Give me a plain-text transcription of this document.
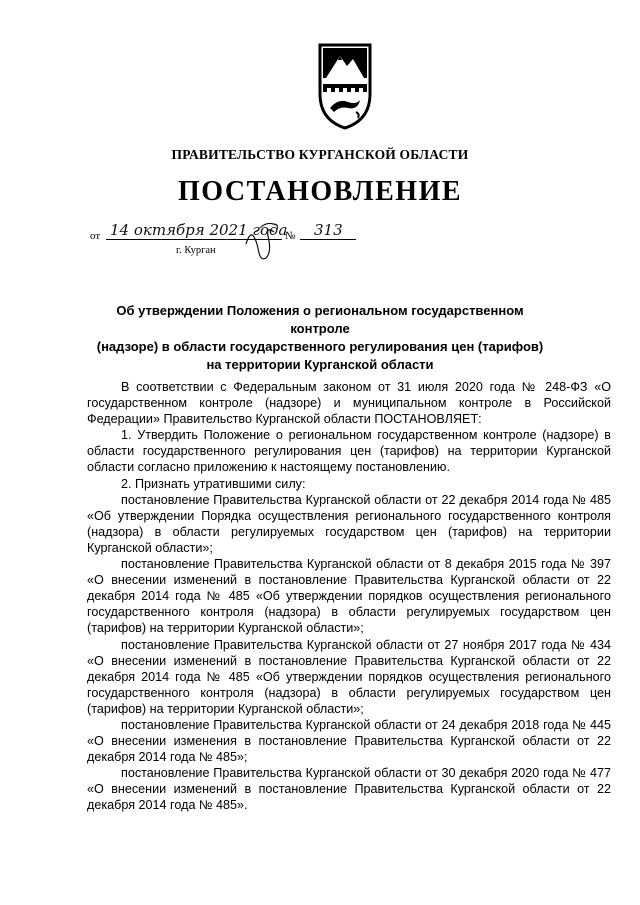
ПРАВИТЕЛЬСТВО КУРГАНСКОЙ ОБЛАСТИ
ПОСТАНОВЛЕНИЕ
от 14 октября 2021 года
№ 313
г. Курган
Об утверждении Положения о региональном государственном контроле
(надзоре) в области государственного регулирования цен (тарифов)
на территории Курганской области

В соответствии с Федеральным законом от 31 июля 2020 года № 248-ФЗ «О государственном контроле (надзоре) и муниципальном контроле в Российской Федерации» Правительство Курганской области ПОСТАНОВЛЯЕТ:

1. Утвердить Положение о региональном государственном контроле (надзоре) в области государственного регулирования цен (тарифов) на территории Курганской области согласно приложению к настоящему постановлению.

2. Признать утратившими силу:

постановление Правительства Курганской области от 22 декабря 2014 года № 485 «Об утверждении Порядка осуществления регионального государственного контроля (надзора) в области регулируемых государством цен (тарифов) на территории Курганской области»;

постановление Правительства Курганской области от 8 декабря 2015 года № 397 «О внесении изменений в постановление Правительства Курганской области от 22 декабря 2014 года № 485 «Об утверждении порядков осуществления регионального государственного контроля (надзора) в области регулируемых государством цен (тарифов) на территории Курганской области»;

постановление Правительства Курганской области от 27 ноября 2017 года № 434 «О внесении изменений в постановление Правительства Курганской области от 22 декабря 2014 года № 485 «Об утверждении порядков осуществления регионального государственного контроля (надзора) в области регулируемых государством цен (тарифов) на территории Курганской области»;

постановление Правительства Курганской области от 24 декабря 2018 года № 445 «О внесении изменения в постановление Правительства Курганской области от 22 декабря 2014 года № 485»;

постановление Правительства Курганской области от 30 декабря 2020 года № 477 «О внесении изменений в постановление Правительства Курганской области от 22 декабря 2014 года № 485».
